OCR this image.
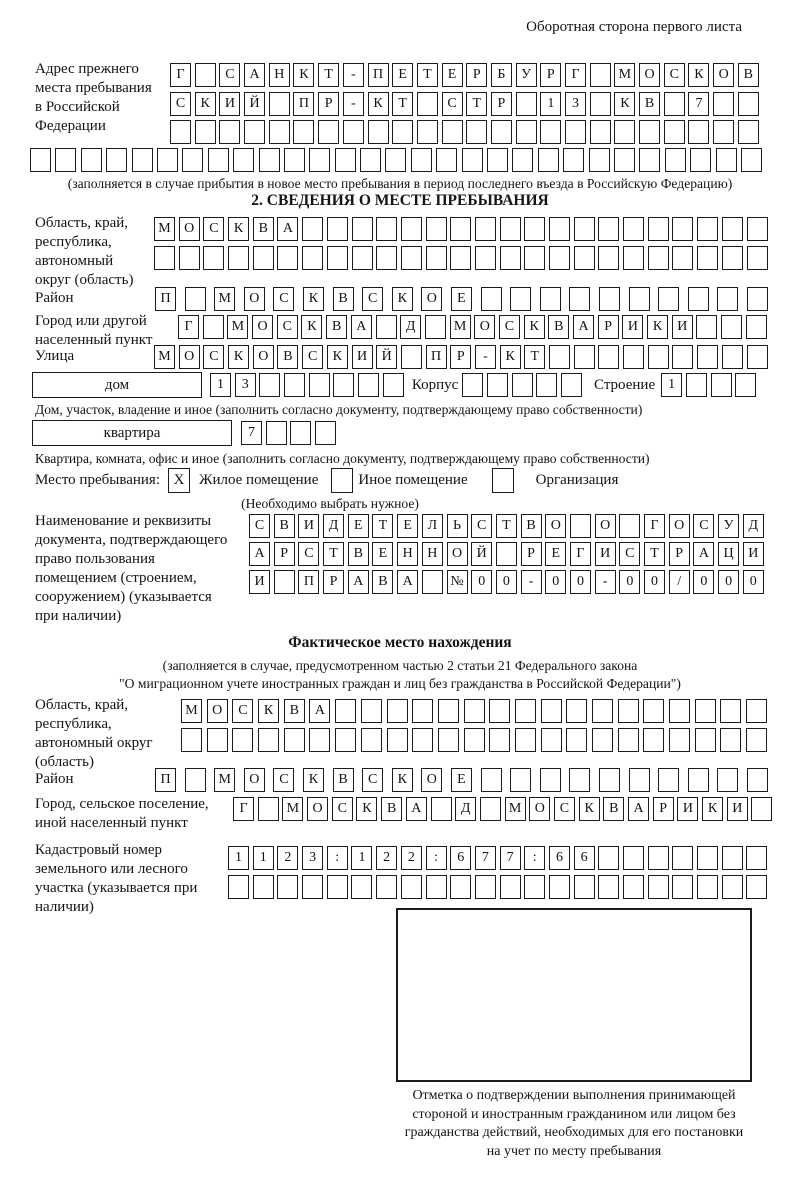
Оборотная сторона первого листа
Адрес прежнего места пребывания в Российской Федерации
Г	С	А	Н	К	Т	-	П	Е	Т	Е	Р	Б	У	Р	Г	М О	С	К	О	В
С	К	И	Й	П	Р	-	К	Т	С	Т	Р	1	3	К	В	7
(заполняется в случае прибытия в новое место пребывания в период последнего въезда в Российскую Федерацию)
2. СВЕДЕНИЯ О МЕСТЕ ПРЕБЫВАНИЯ
Область, край, республика, автономный округ (область)
М О	С	К	В	А
Район	П	М	О	С	К	В	С	К	О	Е
Город или другой населенный пункт
Г	М О	С	К	В	А	Д	М О	С	К	В	А	Р	И	К	И
Улица	М О	С	К	О	В	С	К	И	Й	П	Р	-	К	Т
дом	1	3	Корпус	Строение 1
Дом, участок, владение и иное (заполнить согласно документу, подтверждающему право собственности)
квартира	7
Квартира, комната, офис и иное (заполнить согласно документу, подтверждающему право собственности)
Место пребывания: X Жилое помещение	Иное помещение	Организация
(Необходимо выбрать нужное)
Наименование и реквизиты документа, подтверждающего право пользования помещением (строением, сооружением) (указывается при наличии)
С	В	И	Д	Е	Т	Е	Л	Ь	С	Т	В	О	О	Г	О	С	У	Д
А	Р	С	Т	В	Е	Н	Н	О	Й	Р	Е	Г	И	С	Т	Р	А	Ц	И
И	П	Р	А	В	А	№	0	0	-	0	0	-	0	0	/	0	0	0
Фактическое место нахождения
(заполняется в случае, предусмотренном частью 2 статьи 21 Федерального закона
"О миграционном учете иностранных граждан и лиц без гражданства в Российской Федерации")
Область, край, республика, автономный округ (область)
М	О	С	К	В	А
Район	П	М	О	С	К	В	С	К	О	Е
Город, сельское поселение, иной населенный пункт
Г	М О	С	К	В	А	Д	М О	С	К	В	А	Р	И	К	И
Кадастровый номер земельного или лесного участка (указывается при наличии)
1	1	2	3	:	1	2	2	:	6	7	7	:	6	6
Отметка о подтверждении выполнения принимающей стороной и иностранным гражданином или лицом без гражданства действий, необходимых для его постановки на учет по месту пребывания
